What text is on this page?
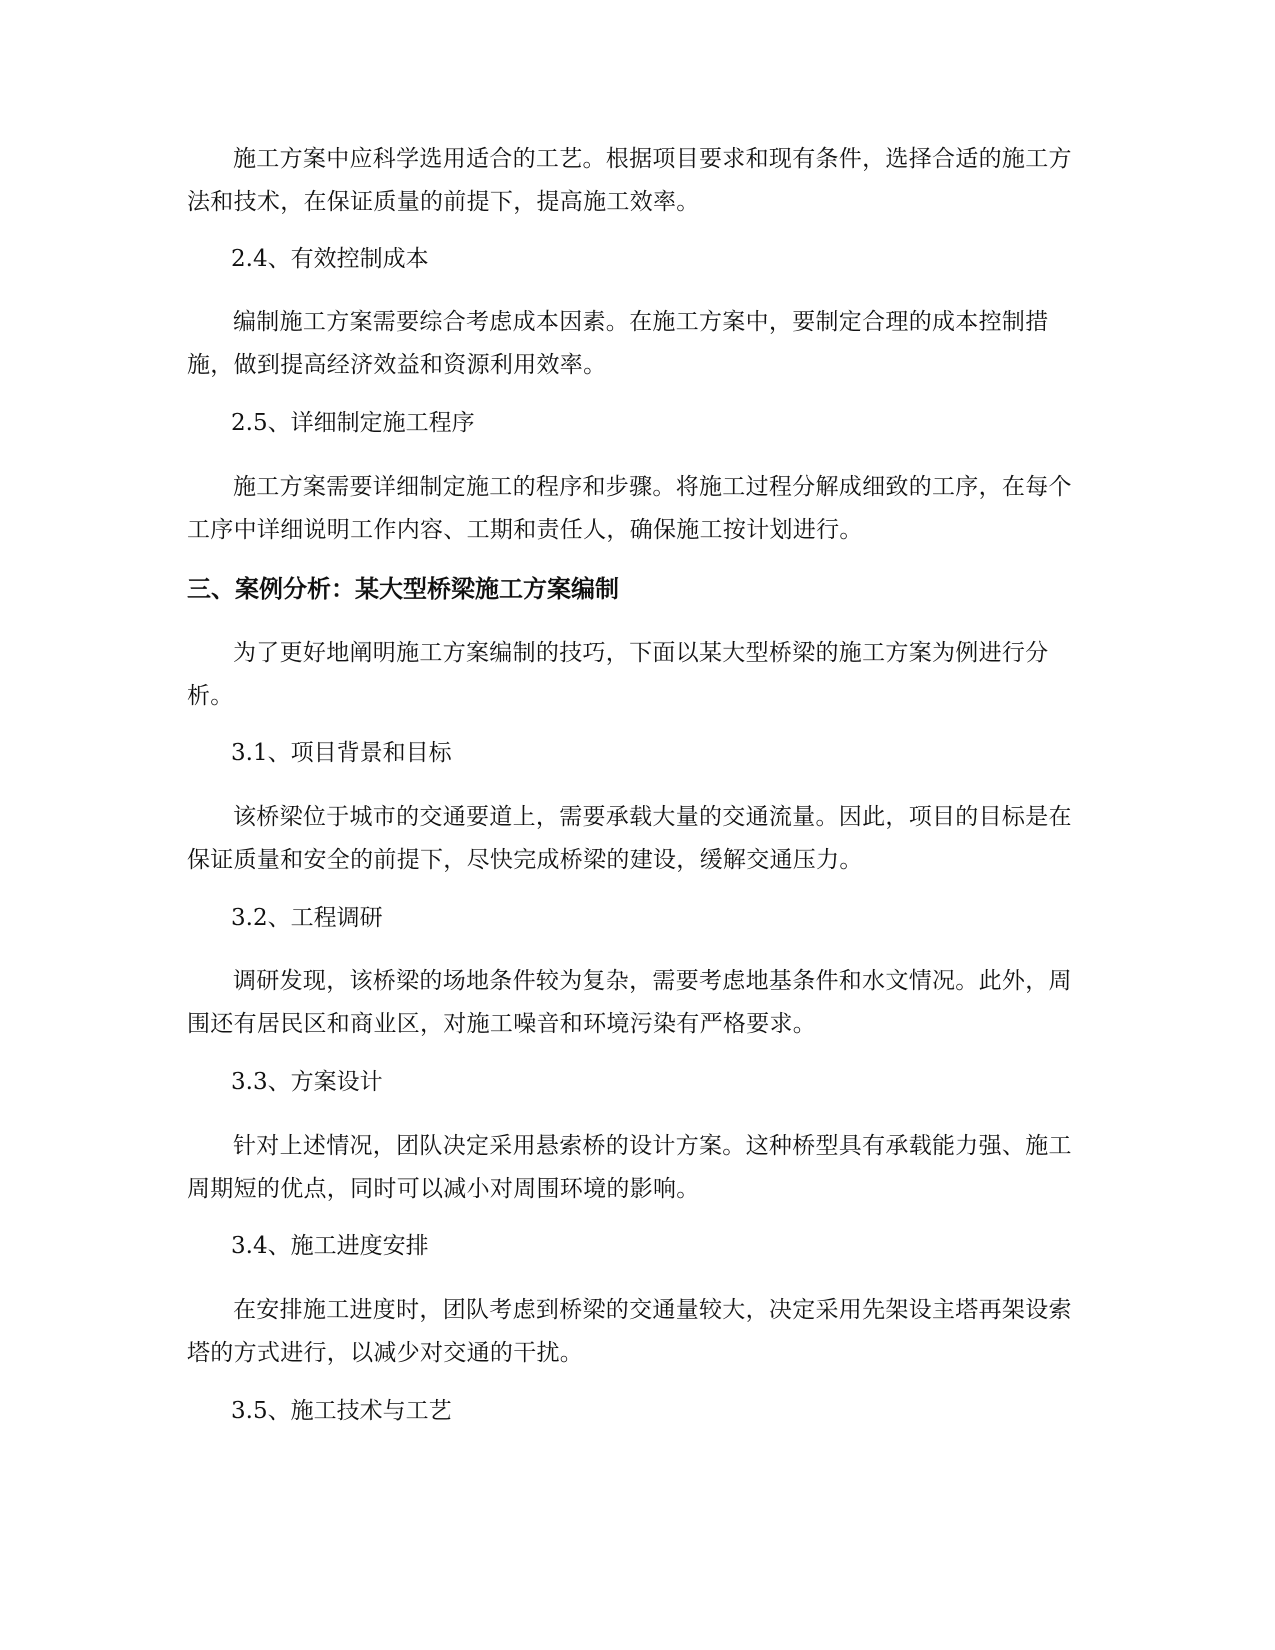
施工方案中应科学选用适合的工艺。根据项目要求和现有条件，选择合适的施工方法和技术，在保证质量的前提下，提高施工效率。

2.4、有效控制成本

编制施工方案需要综合考虑成本因素。在施工方案中，要制定合理的成本控制措施，做到提高经济效益和资源利用效率。

2.5、详细制定施工程序

施工方案需要详细制定施工的程序和步骤。将施工过程分解成细致的工序，在每个工序中详细说明工作内容、工期和责任人，确保施工按计划进行。

三、案例分析：某大型桥梁施工方案编制

为了更好地阐明施工方案编制的技巧，下面以某大型桥梁的施工方案为例进行分析。

3.1、项目背景和目标

该桥梁位于城市的交通要道上，需要承载大量的交通流量。因此，项目的目标是在保证质量和安全的前提下，尽快完成桥梁的建设，缓解交通压力。

3.2、工程调研

调研发现，该桥梁的场地条件较为复杂，需要考虑地基条件和水文情况。此外，周围还有居民区和商业区，对施工噪音和环境污染有严格要求。

3.3、方案设计

针对上述情况，团队决定采用悬索桥的设计方案。这种桥型具有承载能力强、施工周期短的优点，同时可以减小对周围环境的影响。

3.4、施工进度安排

在安排施工进度时，团队考虑到桥梁的交通量较大，决定采用先架设主塔再架设索塔的方式进行，以减少对交通的干扰。

3.5、施工技术与工艺
